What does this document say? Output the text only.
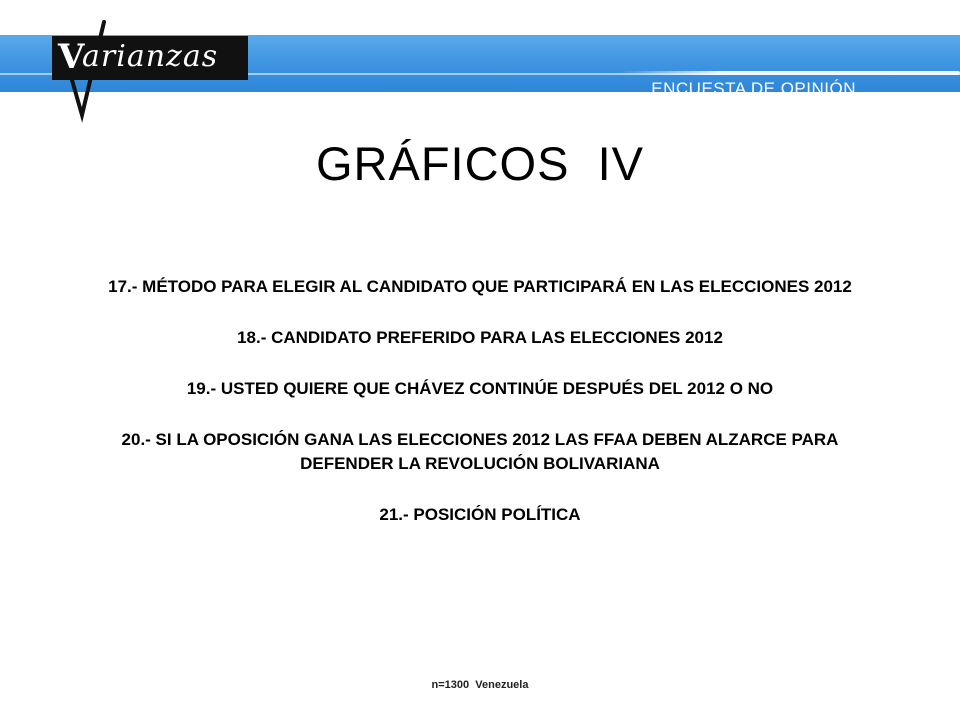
ENCUESTA DE OPINIÓN
VENEZUELA 21 DE FEBRERO DE 2011
V
arianzas
GRÁFICOS  IV
17.- MÉTODO PARA ELEGIR AL CANDIDATO QUE PARTICIPARÁ EN LAS ELECCIONES 2012
18.- CANDIDATO PREFERIDO PARA LAS ELECCIONES 2012
19.- USTED QUIERE QUE CHÁVEZ CONTINÚE DESPUÉS DEL 2012 O NO
20.- SI LA OPOSICIÓN GANA LAS ELECCIONES 2012 LAS FFAA DEBEN ALZARCE PARA DEFENDER LA REVOLUCIÓN BOLIVARIANA
21.- POSICIÓN POLÍTICA
n=1300  Venezuela
